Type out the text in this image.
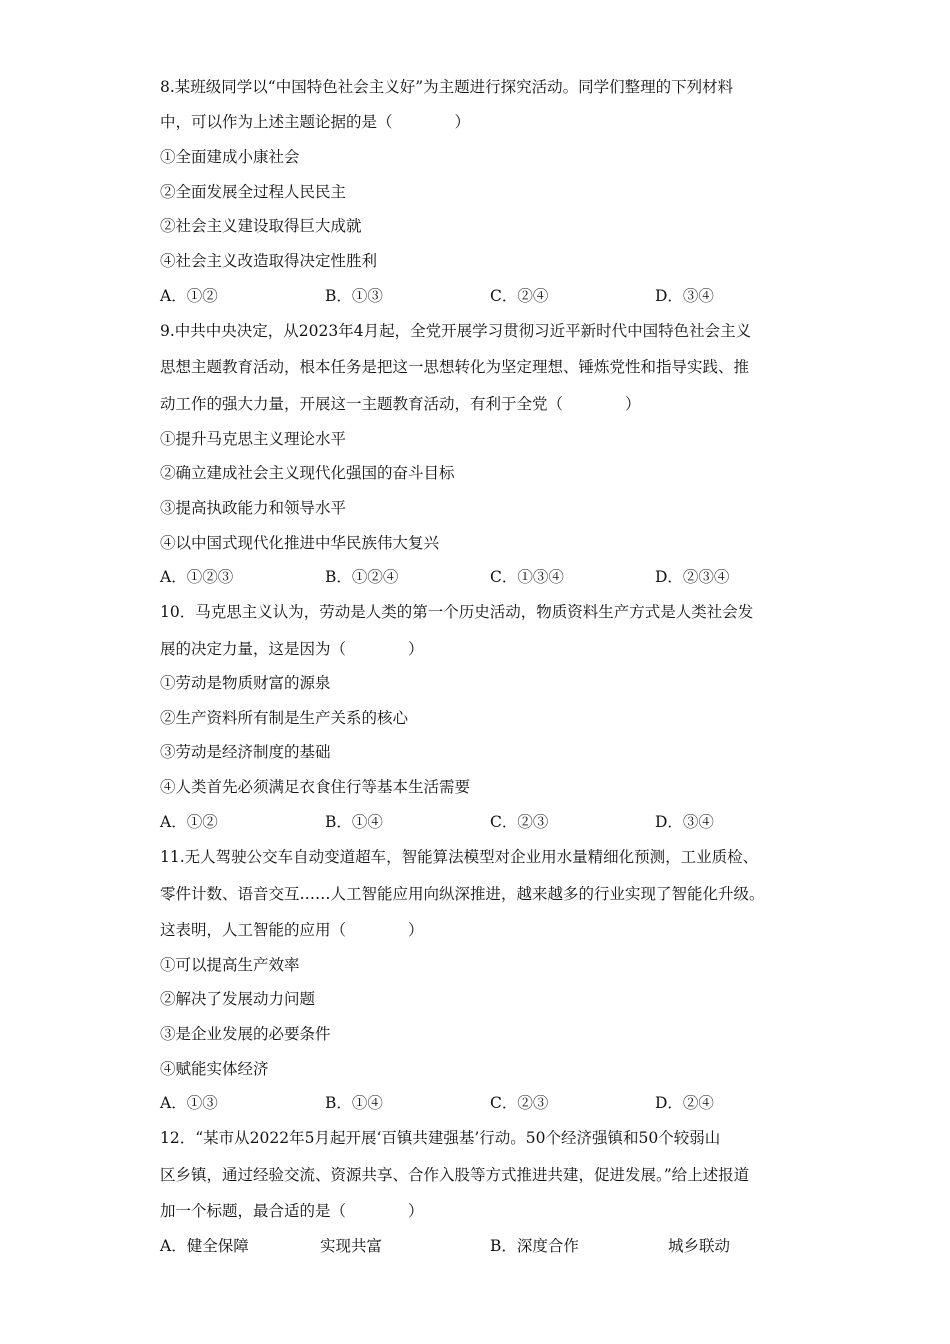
8.某班级同学以“中国特色社会主义好”为主题进行探究活动。同学们整理的下列材料
中，可以作为上述主题论据的是（　　　　）
①全面建成小康社会
②全面发展全过程人民民主
②社会主义建设取得巨大成就
④社会主义改造取得决定性胜利
A．①②	B．①③	C．②④	D．③④
9.中共中央决定，从2023年4月起，全党开展学习贯彻习近平新时代中国特色社会主义
思想主题教育活动，根本任务是把这一思想转化为坚定理想、锤炼党性和指导实践、推
动工作的强大力量，开展这一主题教育活动，有利于全党（　　　　）
①提升马克思主义理论水平
②确立建成社会主义现代化强国的奋斗目标
③提高执政能力和领导水平
④以中国式现代化推进中华民族伟大复兴
A．①②③	B．①②④	C．①③④	D．②③④
10．马克思主义认为，劳动是人类的第一个历史活动，物质资料生产方式是人类社会发
展的决定力量，这是因为（　　　　）
①劳动是物质财富的源泉
②生产资料所有制是生产关系的核心
③劳动是经济制度的基础
④人类首先必须满足衣食住行等基本生活需要
A．①②	B．①④	C．②③	D．③④
11.无人驾驶公交车自动变道超车，智能算法模型对企业用水量精细化预测，工业质检、
零件计数、语音交互……人工智能应用向纵深推进，越来越多的行业实现了智能化升级。
这表明，人工智能的应用（　　　　）
①可以提高生产效率
②解决了发展动力问题
③是企业发展的必要条件
④赋能实体经济
A．①③	B．①④	C．②③	D．②④
12．“某市从2022年5月起开展‘百镇共建强基’行动。50个经济强镇和50个较弱山
区乡镇，通过经验交流、资源共享、合作入股等方式推进共建，促进发展。”给上述报道
加一个标题，最合适的是（　　　　）
A．健全保障	实现共富	B．深度合作	城乡联动
